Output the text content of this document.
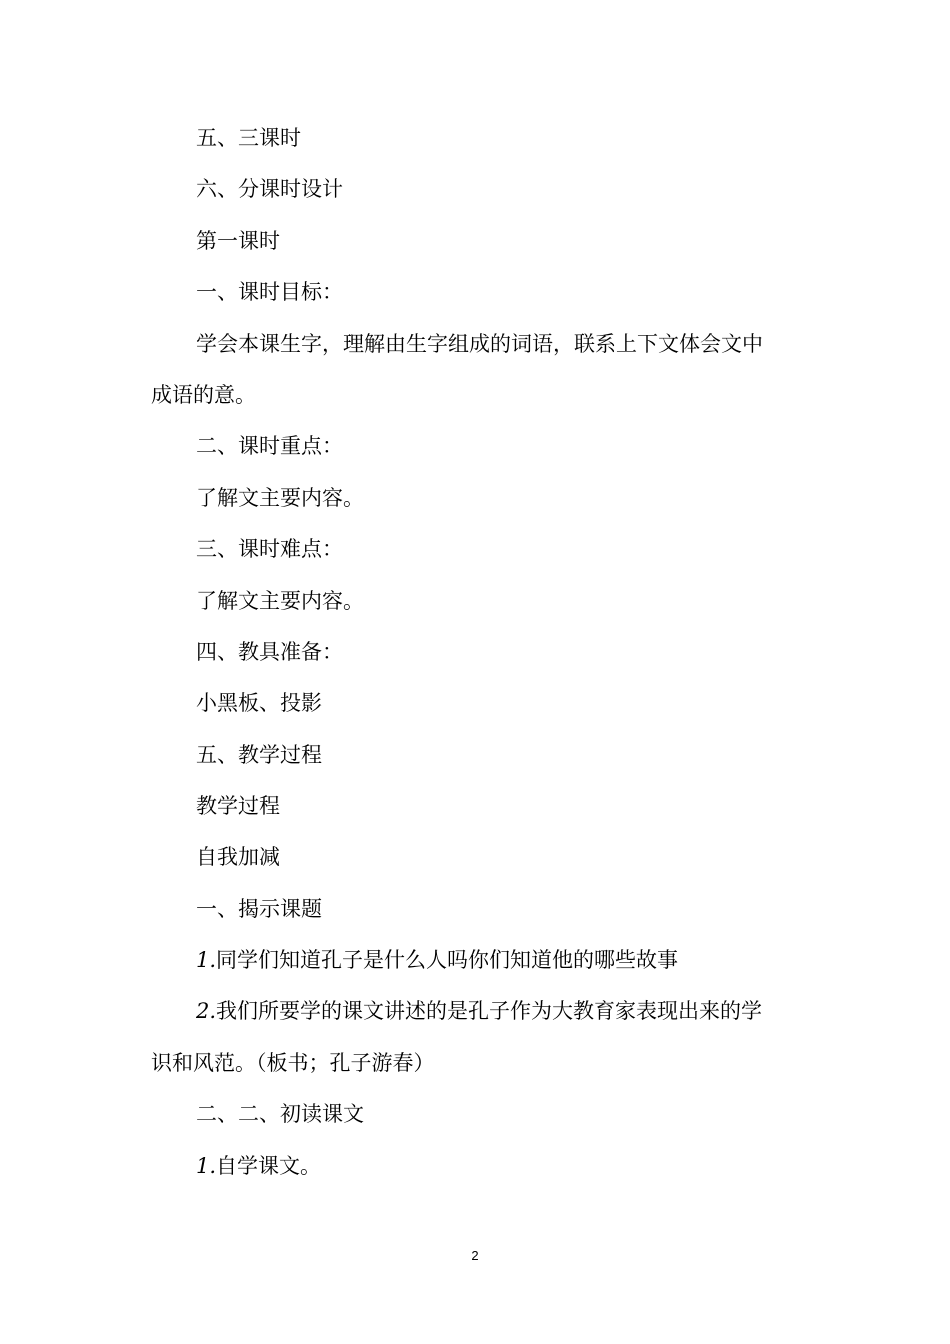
五、三课时
六、分课时设计
第一课时
一、课时目标：
学会本课生字，理解由生字组成的词语，联系上下文体会文中
成语的意。
二、课时重点：
了解文主要内容。
三、课时难点：
了解文主要内容。
四、教具准备：
小黑板、投影
五、教学过程
教学过程
自我加减
一、揭示课题
1.同学们知道孔子是什么人吗你们知道他的哪些故事
2.我们所要学的课文讲述的是孔子作为大教育家表现出来的学
识和风范。（板书；孔子游春）
二、二、初读课文
1.自学课文。
2
